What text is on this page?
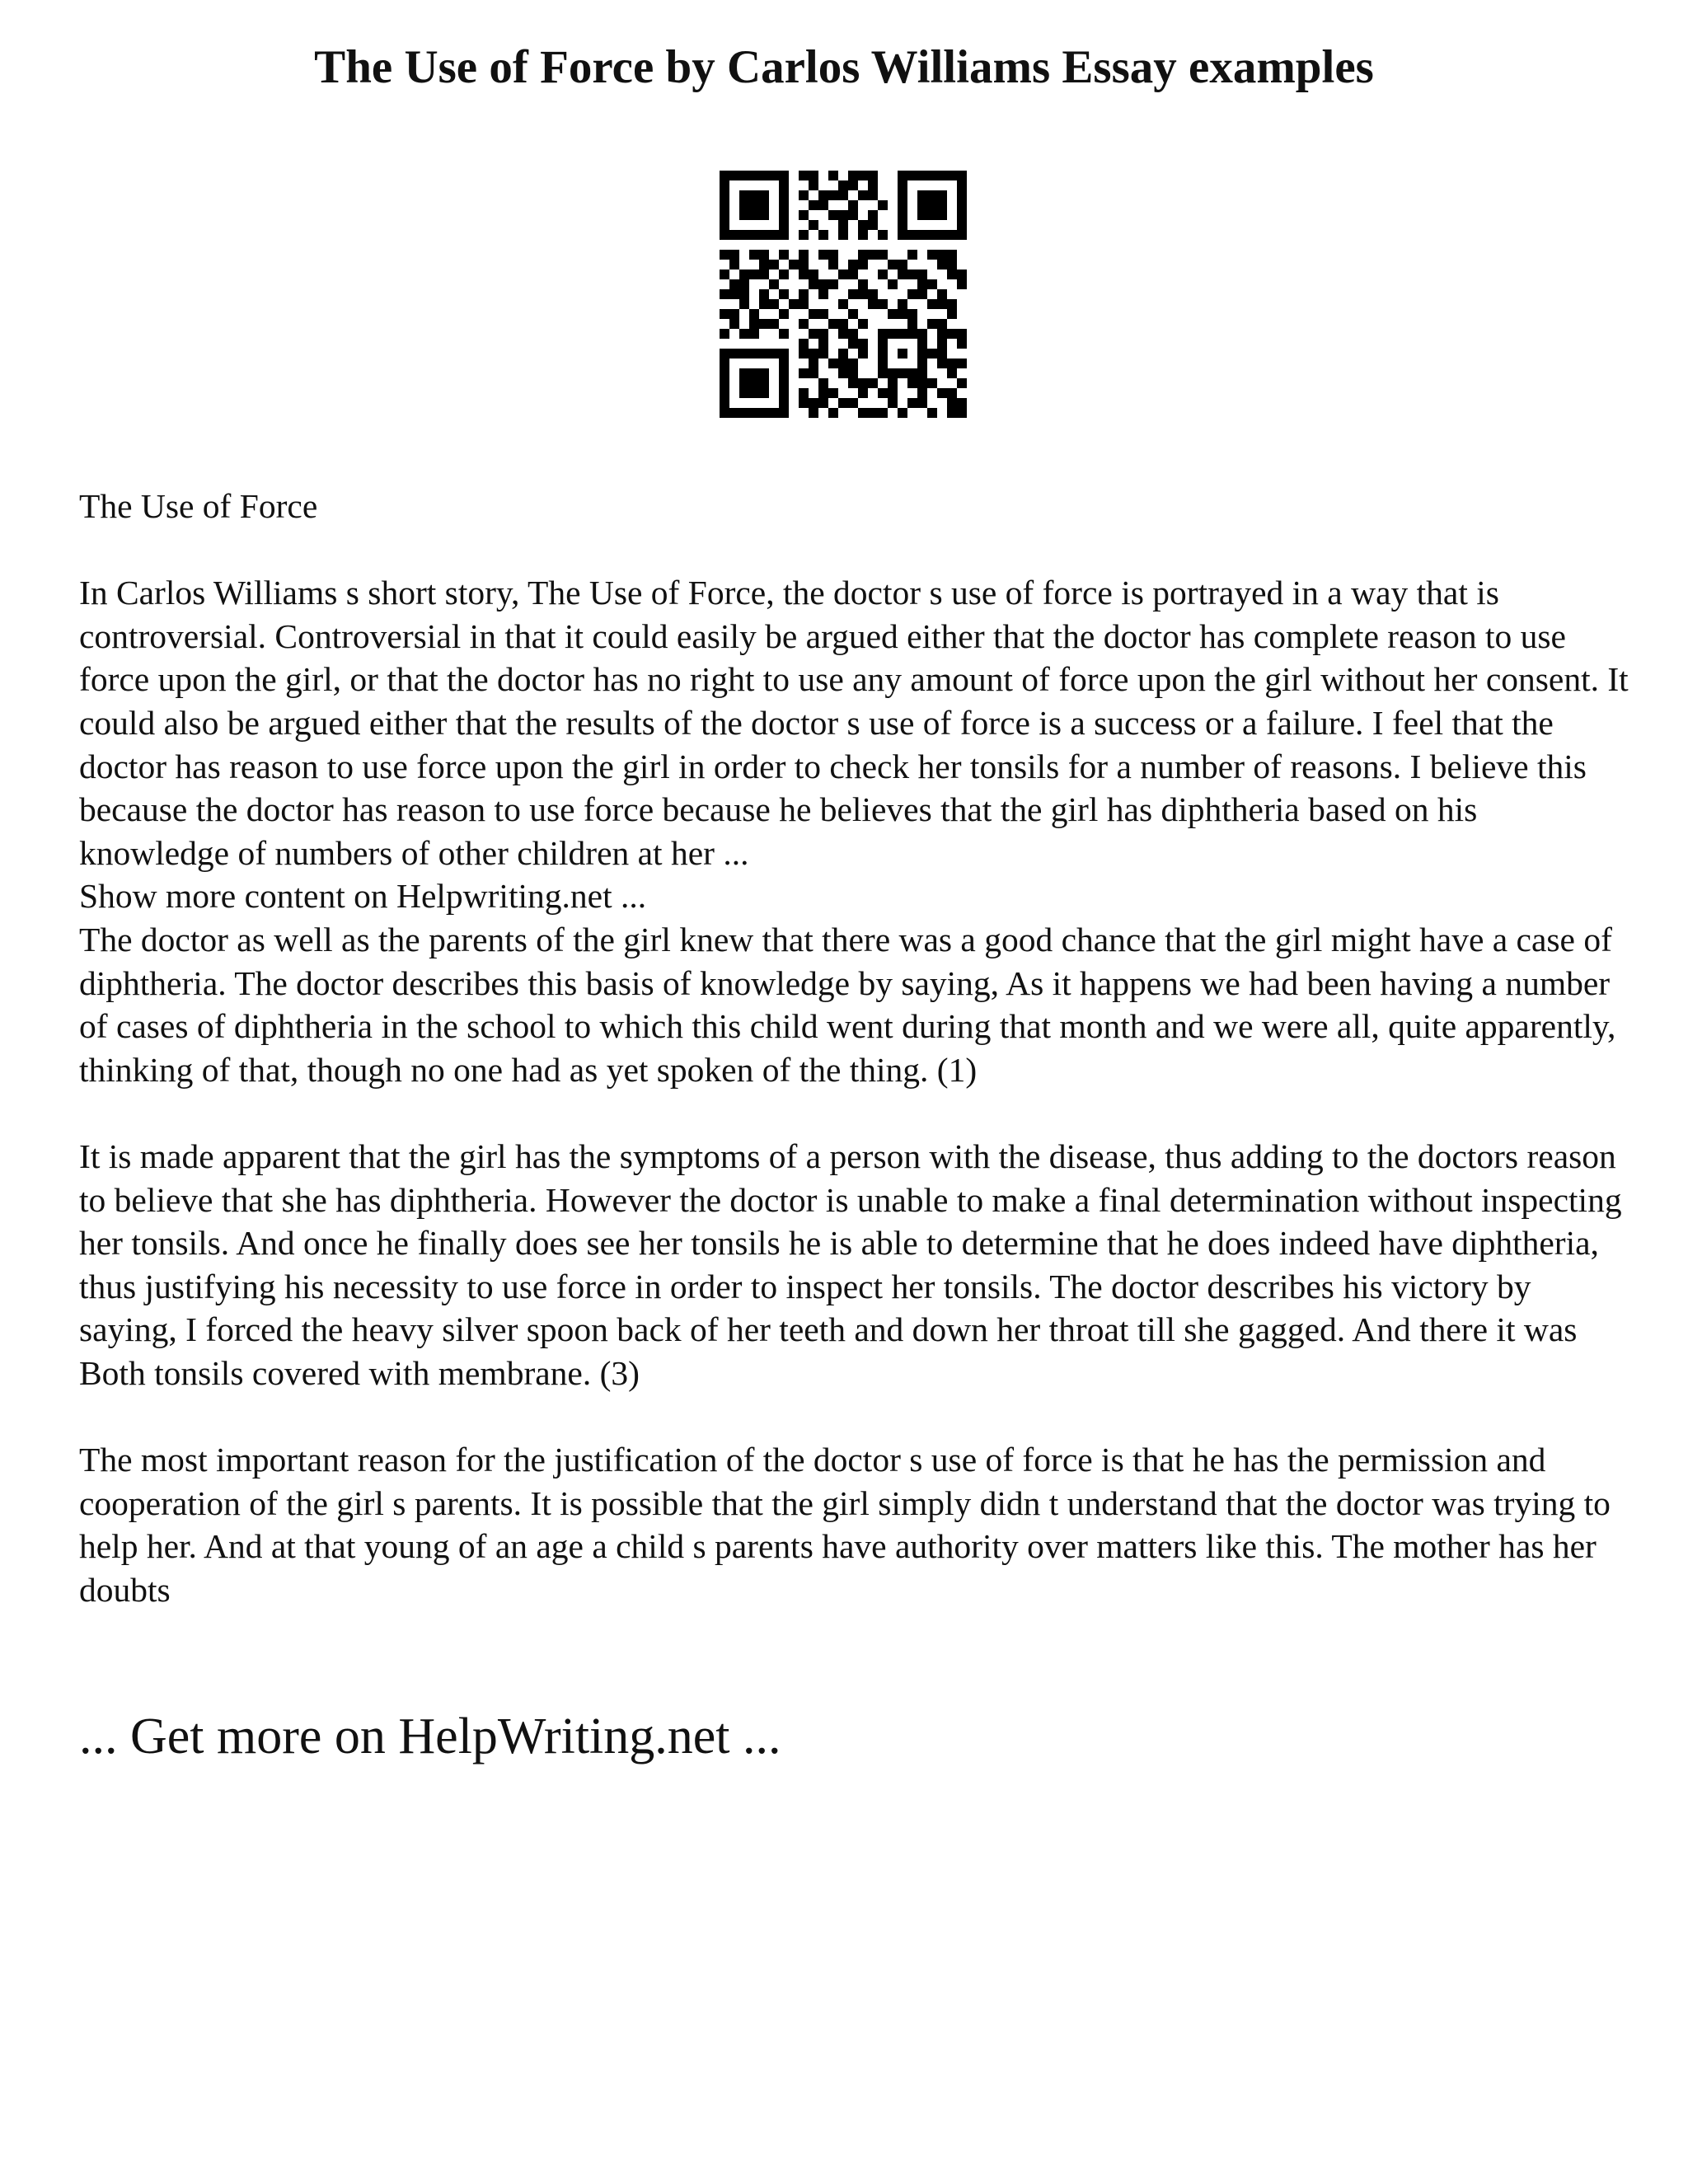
The Use of Force by Carlos Williams Essay examples

The Use of Force

In Carlos Williams s short story, The Use of Force, the doctor s use of force is portrayed in a way that is controversial. Controversial in that it could easily be argued either that the doctor has complete reason to use force upon the girl, or that the doctor has no right to use any amount of force upon the girl without her consent. It could also be argued either that the results of the doctor s use of force is a success or a failure. I feel that the doctor has reason to use force upon the girl in order to check her tonsils for a number of reasons. I believe this because the doctor has reason to use force because he believes that the girl has diphtheria based on his knowledge of numbers of other children at her ...

Show more content on Helpwriting.net ...

The doctor as well as the parents of the girl knew that there was a good chance that the girl might have a case of diphtheria. The doctor describes this basis of knowledge by saying, As it happens we had been having a number of cases of diphtheria in the school to which this child went during that month and we were all, quite apparently, thinking of that, though no one had as yet spoken of the thing. (1)

It is made apparent that the girl has the symptoms of a person with the disease, thus adding to the doctors reason to believe that she has diphtheria. However the doctor is unable to make a final determination without inspecting her tonsils. And once he finally does see her tonsils he is able to determine that he does indeed have diphtheria, thus justifying his necessity to use force in order to inspect her tonsils. The doctor describes his victory by saying, I forced the heavy silver spoon back of her teeth and down her throat till she gagged. And there it was Both tonsils covered with membrane. (3)

The most important reason for the justification of the doctor s use of force is that he has the permission and cooperation of the girl s parents. It is possible that the girl simply didn t understand that the doctor was trying to help her. And at that young of an age a child s parents have authority over matters like this. The mother has her doubts

... Get more on HelpWriting.net ...
